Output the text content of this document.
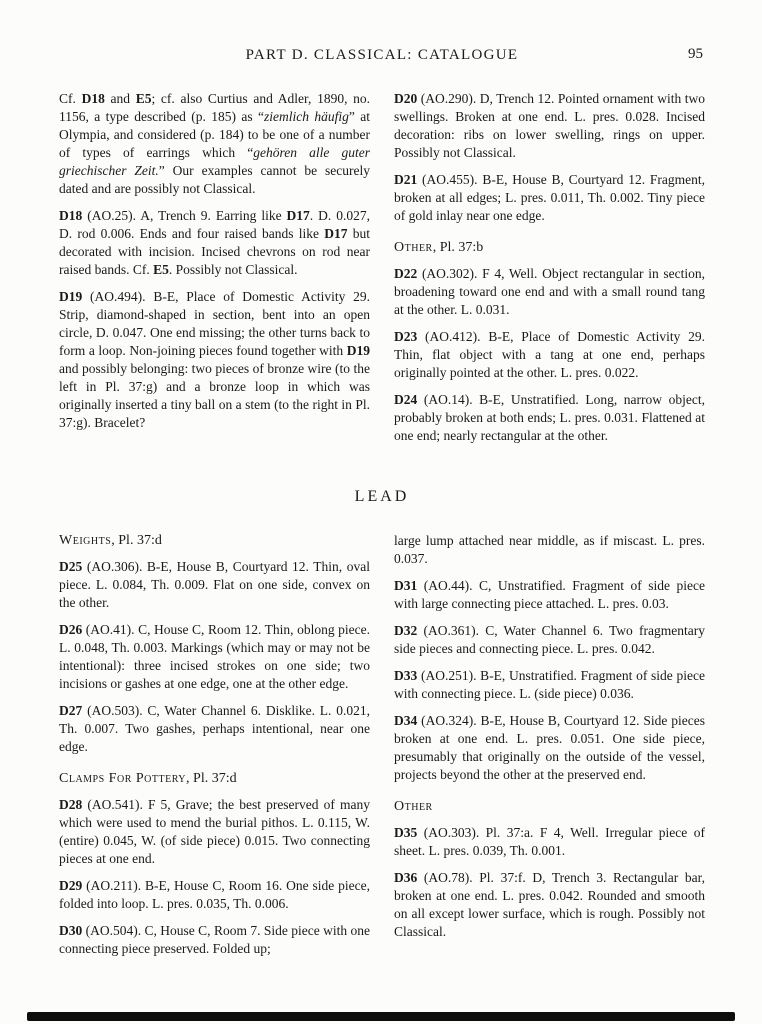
PART D. CLASSICAL: CATALOGUE	95

Cf. D18 and E5; cf. also Curtius and Adler, 1890, no. 1156, a type described (p. 185) as “ziemlich häufig” at Olympia, and considered (p. 184) to be one of a number of types of earrings which “gehören alle guter griechischer Zeit.” Our examples cannot be securely dated and are possibly not Classical.

D18 (AO.25). A, Trench 9. Earring like D17. D. 0.027, D. rod 0.006. Ends and four raised bands like D17 but decorated with incision. Incised chevrons on rod near raised bands. Cf. E5. Possibly not Classical.

D19 (AO.494). B-E, Place of Domestic Activity 29. Strip, diamond-shaped in section, bent into an open circle, D. 0.047. One end missing; the other turns back to form a loop. Non-joining pieces found together with D19 and possibly belonging: two pieces of bronze wire (to the left in Pl. 37:g) and a bronze loop in which was originally inserted a tiny ball on a stem (to the right in Pl. 37:g). Bracelet?

D20 (AO.290). D, Trench 12. Pointed ornament with two swellings. Broken at one end. L. pres. 0.028. Incised decoration: ribs on lower swelling, rings on upper. Possibly not Classical.

D21 (AO.455). B-E, House B, Courtyard 12. Fragment, broken at all edges; L. pres. 0.011, Th. 0.002. Tiny piece of gold inlay near one edge.

Other, Pl. 37:b

D22 (AO.302). F 4, Well. Object rectangular in section, broadening toward one end and with a small round tang at the other. L. 0.031.

D23 (AO.412). B-E, Place of Domestic Activity 29. Thin, flat object with a tang at one end, perhaps originally pointed at the other. L. pres. 0.022.

D24 (AO.14). B-E, Unstratified. Long, narrow object, probably broken at both ends; L. pres. 0.031. Flattened at one end; nearly rectangular at the other.

LEAD

Weights, Pl. 37:d

D25 (AO.306). B-E, House B, Courtyard 12. Thin, oval piece. L. 0.084, Th. 0.009. Flat on one side, convex on the other.

D26 (AO.41). C, House C, Room 12. Thin, oblong piece. L. 0.048, Th. 0.003. Markings (which may or may not be intentional): three incised strokes on one side; two incisions or gashes at one edge, one at the other edge.

D27 (AO.503). C, Water Channel 6. Disklike. L. 0.021, Th. 0.007. Two gashes, perhaps intentional, near one edge.

Clamps For Pottery, Pl. 37:d

D28 (AO.541). F 5, Grave; the best preserved of many which were used to mend the burial pithos. L. 0.115, W. (entire) 0.045, W. (of side piece) 0.015. Two connecting pieces at one end.

D29 (AO.211). B-E, House C, Room 16. One side piece, folded into loop. L. pres. 0.035, Th. 0.006.

D30 (AO.504). C, House C, Room 7. Side piece with one connecting piece preserved. Folded up;

large lump attached near middle, as if miscast. L. pres. 0.037.

D31 (AO.44). C, Unstratified. Fragment of side piece with large connecting piece attached. L. pres. 0.03.

D32 (AO.361). C, Water Channel 6. Two fragmentary side pieces and connecting piece. L. pres. 0.042.

D33 (AO.251). B-E, Unstratified. Fragment of side piece with connecting piece. L. (side piece) 0.036.

D34 (AO.324). B-E, House B, Courtyard 12. Side pieces broken at one end. L. pres. 0.051. One side piece, presumably that originally on the outside of the vessel, projects beyond the other at the preserved end.

Other

D35 (AO.303). Pl. 37:a. F 4, Well. Irregular piece of sheet. L. pres. 0.039, Th. 0.001.

D36 (AO.78). Pl. 37:f. D, Trench 3. Rectangular bar, broken at one end. L. pres. 0.042. Rounded and smooth on all except lower surface, which is rough. Possibly not Classical.
